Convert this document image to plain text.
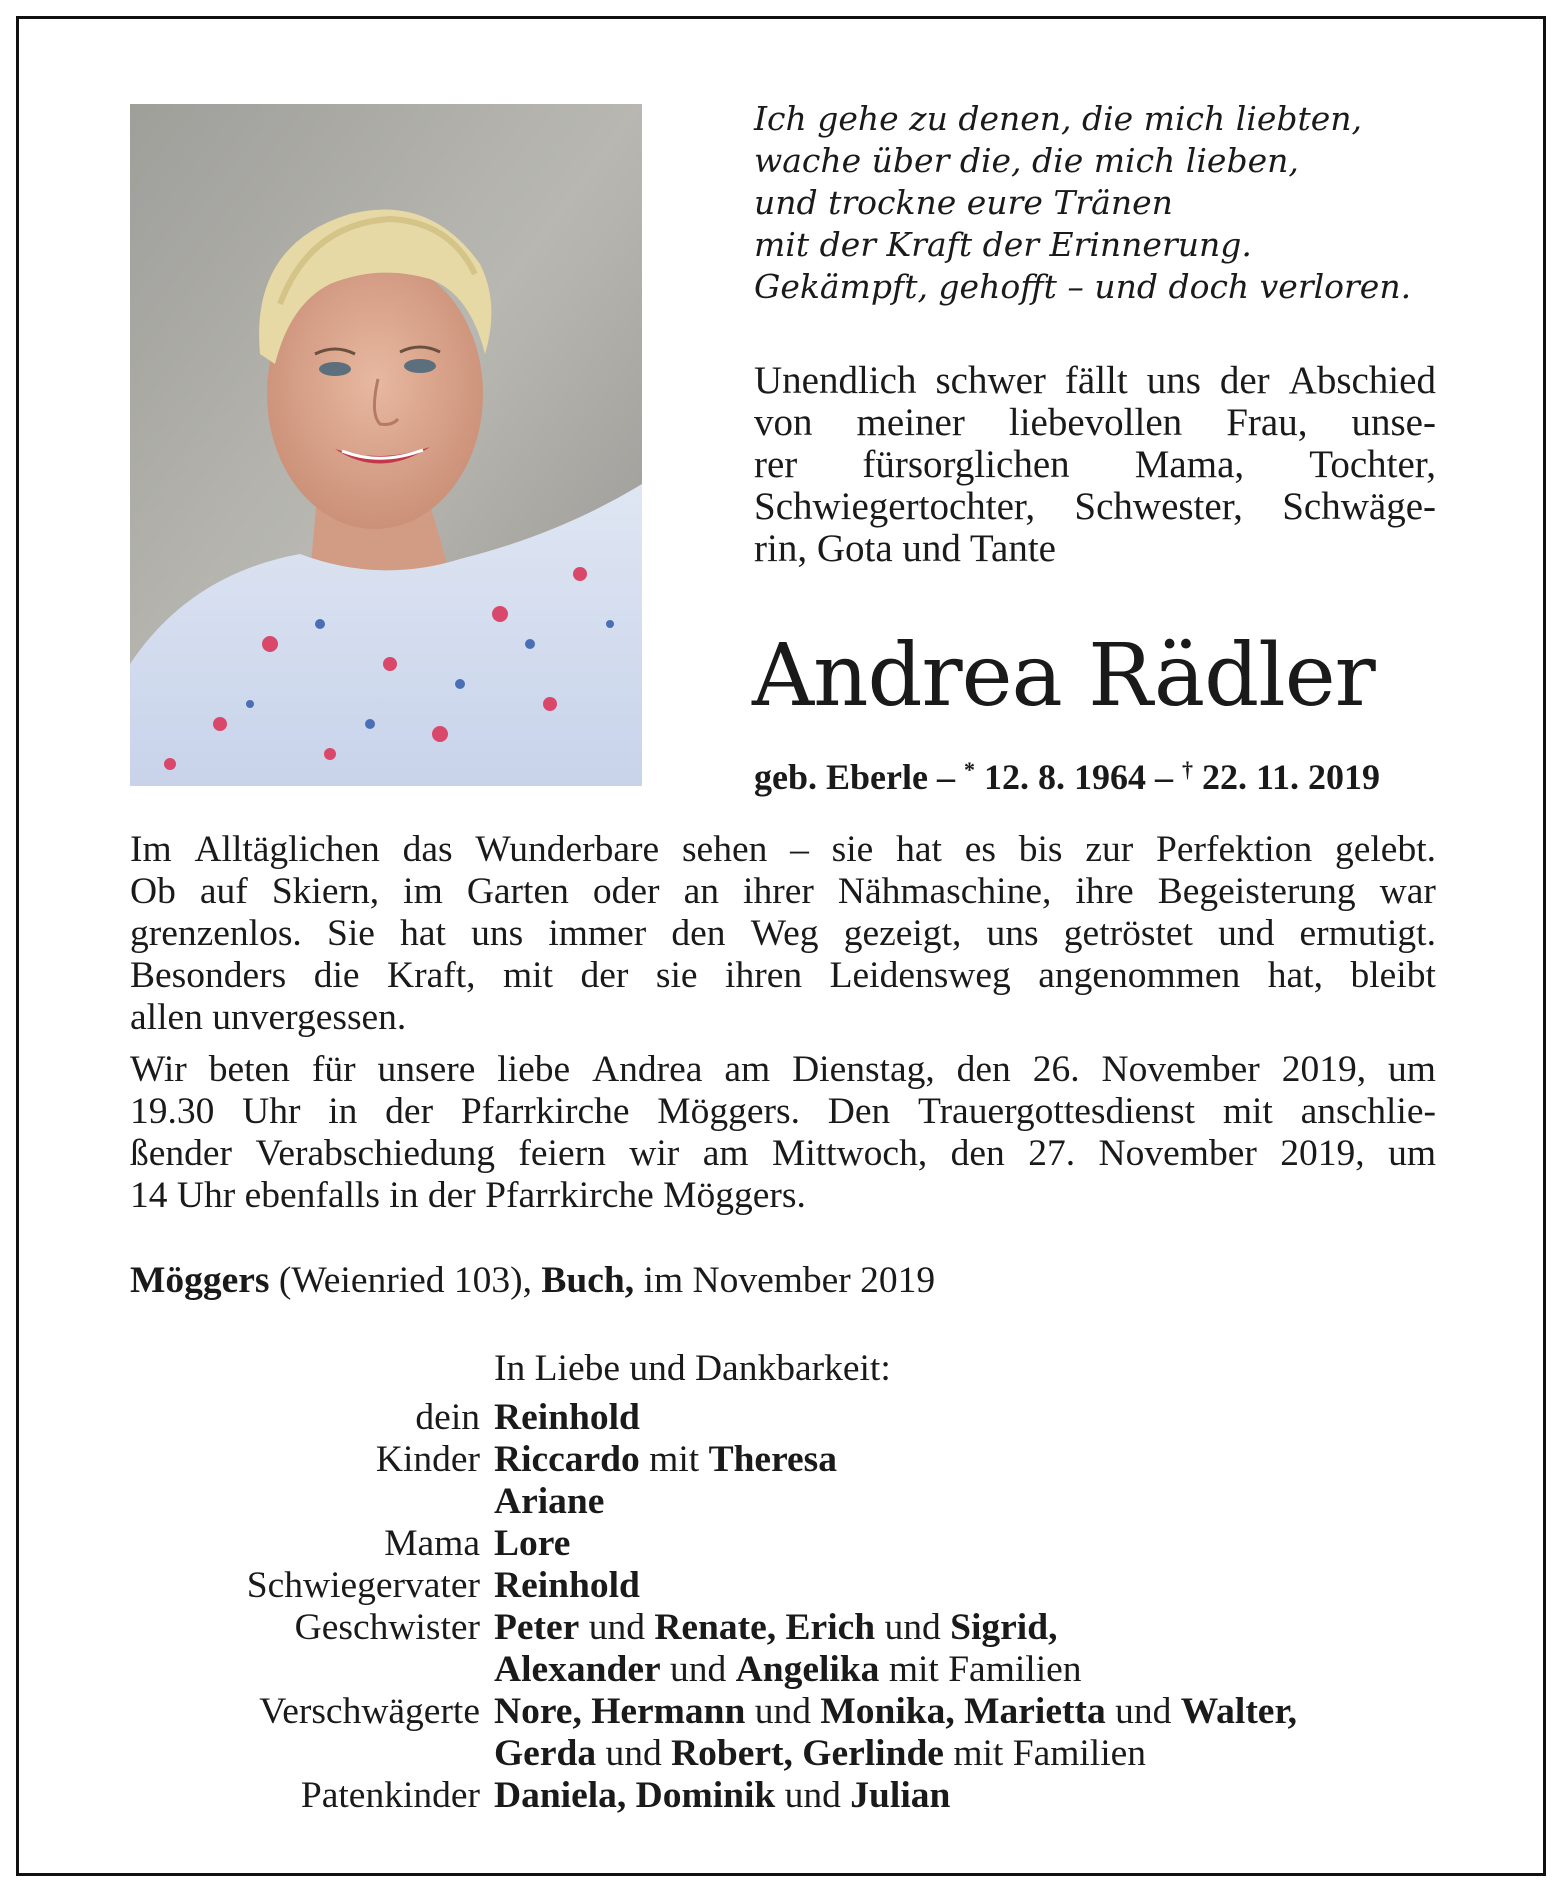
Ich gehe zu denen, die mich liebten,
wache über die, die mich lieben,
und trockne eure Tränen
mit der Kraft der Erinnerung.
Gekämpft, gehofft – und doch verloren.
Unendlich schwer fällt uns der Abschied
von meiner liebevollen Frau, unse-
rer fürsorglichen Mama, Tochter,
Schwiegertochter, Schwester, Schwäge-
rin, Gota und Tante
Andrea Rädler
geb. Eberle – * 12. 8. 1964 – † 22. 11. 2019
Im Alltäglichen das Wunderbare sehen – sie hat es bis zur Perfektion gelebt.
Ob auf Skiern, im Garten oder an ihrer Nähmaschine, ihre Begeisterung war
grenzenlos. Sie hat uns immer den Weg gezeigt, uns getröstet und ermutigt.
Besonders die Kraft, mit der sie ihren Leidensweg angenommen hat, bleibt
allen unvergessen.
Wir beten für unsere liebe Andrea am Dienstag, den 26. November 2019, um
19.30 Uhr in der Pfarrkirche Möggers. Den Trauergottesdienst mit anschlie-
ßender Verabschiedung feiern wir am Mittwoch, den 27. November 2019, um
14 Uhr ebenfalls in der Pfarrkirche Möggers.
Möggers (Weienried 103), Buch, im November 2019
In Liebe und Dankbarkeit:
dein Reinhold
Kinder Riccardo mit Theresa
Ariane
Mama Lore
Schwiegervater Reinhold
Geschwister Peter und Renate, Erich und Sigrid,
Alexander und Angelika mit Familien
Verschwägerte Nore, Hermann und Monika, Marietta und Walter,
Gerda und Robert, Gerlinde mit Familien
Patenkinder Daniela, Dominik und Julian
